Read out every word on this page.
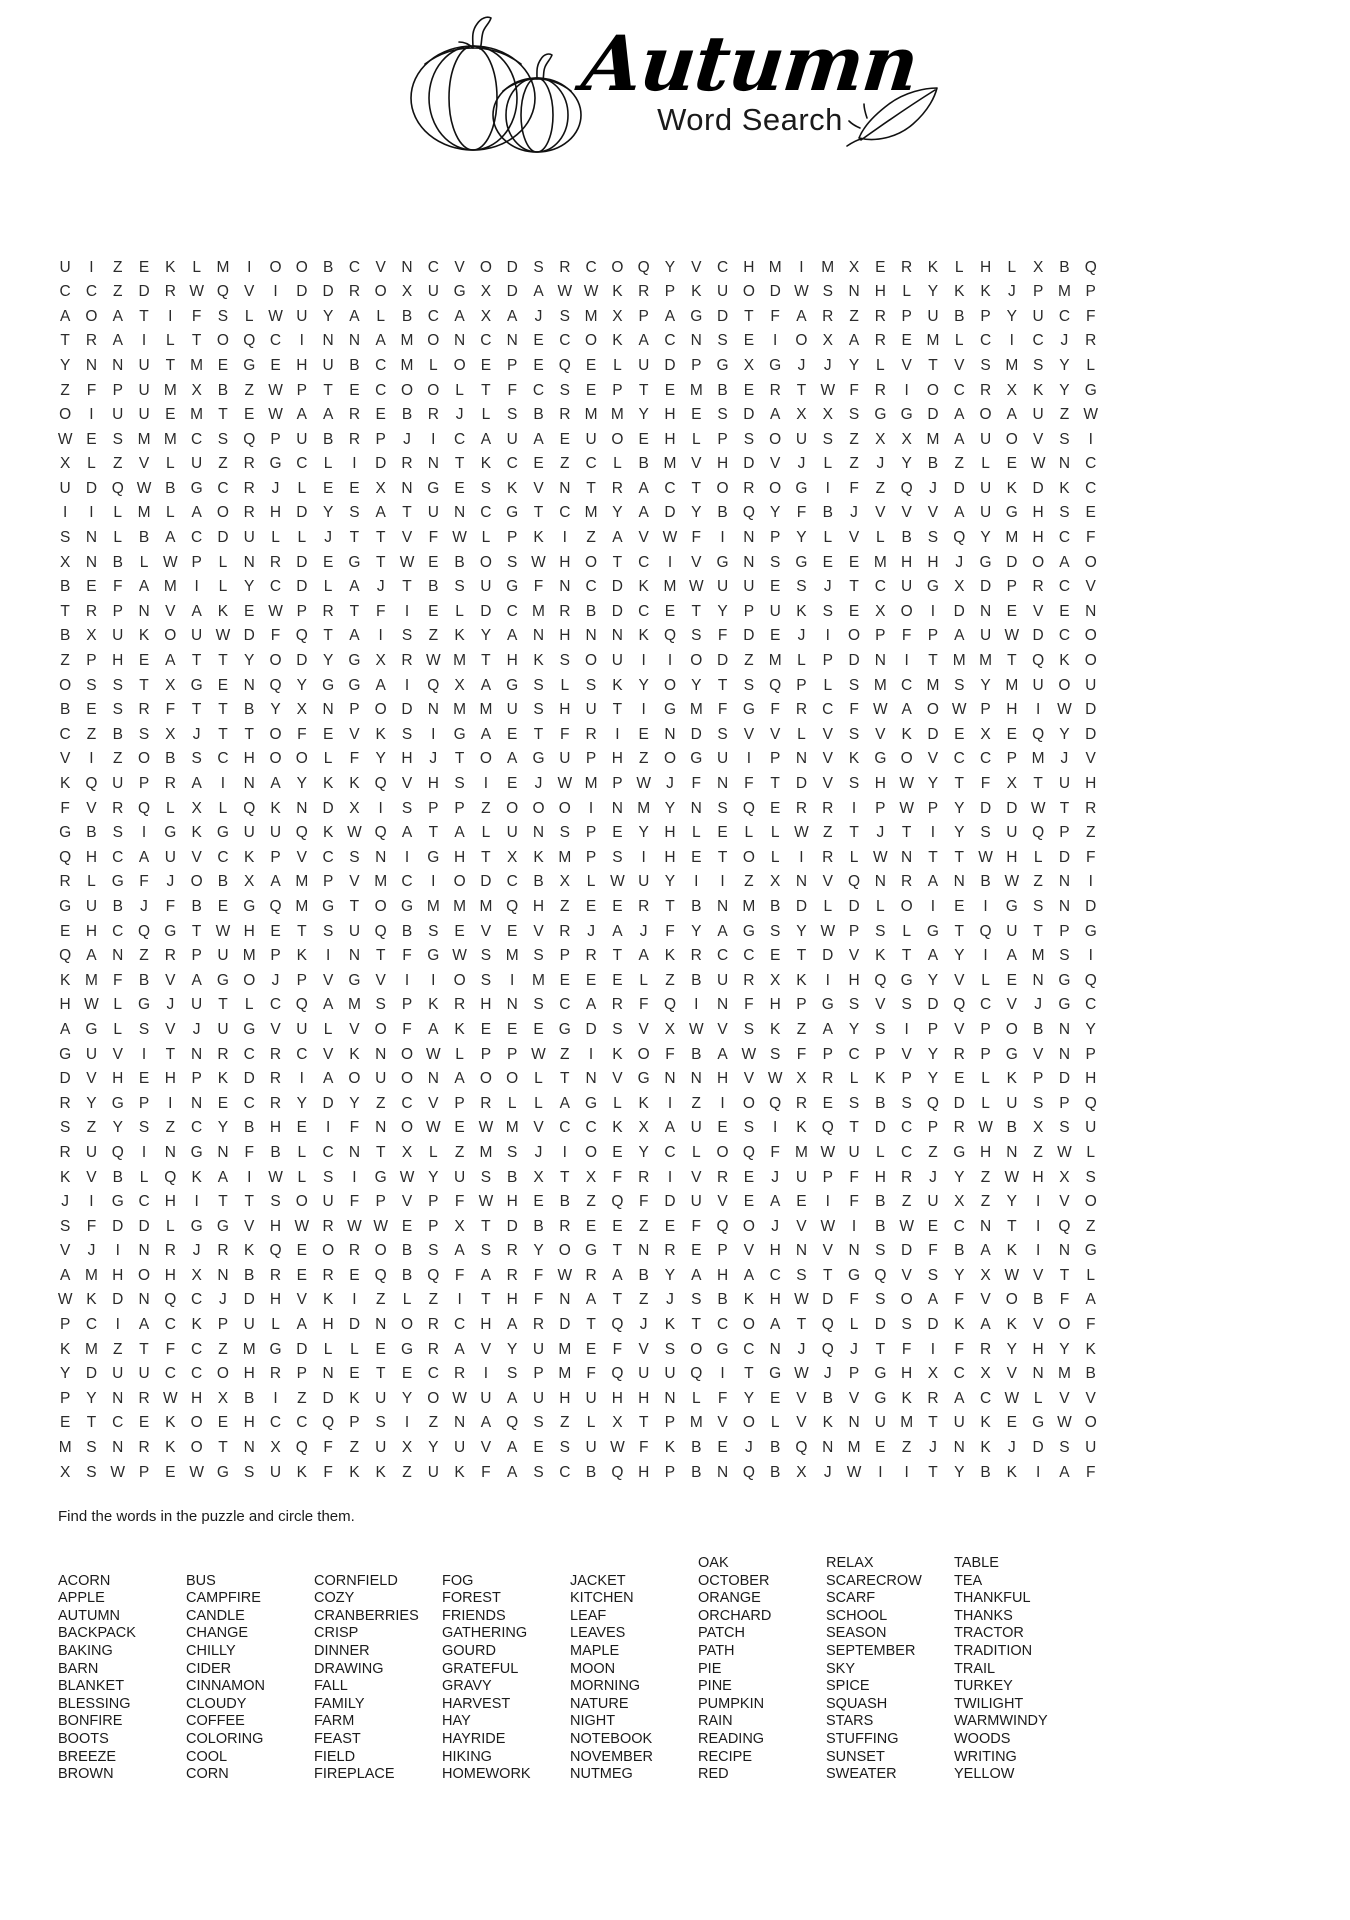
Autumn
Word Search
U	I	Z	E	K	L	M	I	O O B	C	V	N C	V O D	S	R C O Q Y	V	C H M	I	M X	E	R	K	L	H	L	X	B Q
C C	Z	D R W Q V	I	D D R O X	U G X	D	A W W K	R	P	K	U O D W S	N H	L	Y	K	K	J	P M P
A O A	T	I	F	S	L W U	Y	A	L	B	C	A	X	A	J	S M X	P	A G D	T	F	A	R	Z	R	P	U	B	P	Y	U C	F
T	R	A	I	L	T	O Q C	I	N N	A M O N C N	E	C O K	A	C N	S	E	I	O X	A	R	E M	L	C	I	C	J	R
Y	N N U	T M E G E	H U	B	C M	L	O E	P	E Q E	L	U D	P G X G	J	J	Y	L	V	T	V	S M S	Y	L
Z	F	P	U M X	B	Z W P	T	E	C O O	L	T	F	C	S	E	P	T	E M B	E	R	T W F	R	I	O C R	X	K	Y G
O	I	U U	E M T	E W A	A	R	E	B	R	J	L	S	B	R M M Y	H	E	S	D	A	X	X	S G G D	A O A	U	Z W
W E	S M M C	S Q P	U	B	R	P	J	I	C	A	U	A	E	U O E	H	L	P	S O U	S	Z	X	X M A	U O V	S	I
X	L	Z	V	L	U	Z	R G C	L	I	D R N	T	K	C	E	Z	C	L	B M V	H D	V	J	L	Z	J	Y	B	Z	L	E W N C
U D Q W B G C R	J	L	E	E	X	N G E	S	K	V	N	T	R	A	C	T	O R O G	I	F	Z	Q	J	D U	K	D	K	C
I	I	L	M	L	A O R H D	Y	S	A	T	U N C G	T	C M Y	A	D	Y	B Q Y	F	B	J	V	V	V	A	U G H	S	E
S	N	L	B	A	C D U	L	L	J	T	T	V	F W L	P	K	I	Z	A	V W F	I	N	P	Y	L	V	L	B	S Q Y M H C	F
X	N	B	L W P	L	N R D	E G	T W E	B O S W H O	T	C	I	V G N	S G E	E M H H	J	G D O A O
B	E	F	A M	I	L	Y	C D	L	A	J	T	B	S	U G	F	N C D	K M W U U	E	S	J	T	C U G X	D	P	R C	V
T	R	P	N	V	A	K	E W P	R	T	F	I	E	L	D C M R	B	D C	E	T	Y	P	U	K	S	E	X O	I	D N	E	V	E	N
B	X	U	K O U W D	F	Q	T	A	I	S	Z	K	Y	A	N H N N	K Q S	F	D	E	J	I	O P	F	P	A	U W D C O
Z	P	H	E	A	T	T	Y O D	Y G X	R W M T	H	K	S O U	I	I	O D	Z M	L	P	D N	I	T M M T	Q K O
O S	S	T	X G E	N Q Y G G A	I	Q X	A G S	L	S	K	Y O Y	T	S Q P	L	S M C M S	Y M U O U
B	E	S	R	F	T	T	B	Y	X	N	P O D N M M U	S	H U	T	I	G M F	G	F	R C	F W A O W P	H	I	W D
C	Z	B	S	X	J	T	T	O	F	E	V	K	S	I	G A	E	T	F	R	I	E	N D	S	V	V	L	V	S	V	K	D	E	X	E Q Y	D
V	I	Z	O B	S	C H O O	L	F	Y	H	J	T	O A G U	P	H	Z	O G U	I	P	N	V	K G O V	C C	P M	J	V
K Q U	P	R	A	I	N	A	Y	K	K Q V	H	S	I	E	J W M P W J	F	N	F	T	D	V	S	H W Y	T	F	X	T	U H
F	V	R Q	L	X	L	Q K	N D	X	I	S	P	P	Z	O O O	I	N M Y	N	S Q E	R R	I	P W P	Y	D D W T	R
G B	S	I	G K G U U Q K W Q A	T	A	L	U N	S	P	E	Y	H	L	E	L	L W Z	T	J	T	I	Y	S	U Q P	Z
Q H C	A	U	V	C	K	P	V	C	S	N	I	G H	T	X	K M P	S	I	H	E	T	O	L	I	R	L W N	T	T W H	L	D	F
R	L	G	F	J	O B	X	A M P	V M C	I	O D C	B	X	L W U	Y	I	I	Z	X	N	V Q N R	A	N	B W Z	N	I
G U	B	J	F	B	E G Q M G	T	O G M M M Q H	Z	E	E	R	T	B	N M B	D	L	D	L	O	I	E	I	G S	N D
E	H C Q G	T W H	E	T	S	U Q B	S	E	V	E	V	R	J	A	J	F	Y	A G S	Y W P	S	L	G	T	Q U	T	P G
Q A	N	Z	R	P	U M P	K	I	N	T	F	G W S M S	P	R	T	A	K	R C C	E	T	D	V	K	T	A	Y	I	A M S	I
K M F	B	V	A G O	J	P	V G V	I	I	O S	I	M E	E	E	L	Z	B	U R	X	K	I	H Q G Y	V	L	E	N G Q
H W L	G	J	U	T	L	C Q A M S	P	K	R H N	S	C	A	R	F	Q	I	N	F	H	P G S	V	S	D Q C	V	J	G C
A G	L	S	V	J	U G V	U	L	V O	F	A	K	E	E	E G D	S	V	X W V	S	K	Z	A	Y	S	I	P	V	P O B	N	Y
G U	V	I	T	N R C R C	V	K	N O W L	P	P W Z	I	K O	F	B	A W S	F	P	C	P	V	Y	R	P G V	N	P
D	V	H	E	H	P	K	D R	I	A O U O N	A O O	L	T	N	V G N N H	V W X	R	L	K	P	Y	E	L	K	P	D H
R	Y G P	I	N	E	C R	Y	D	Y	Z	C	V	P	R	L	L	A G	L	K	I	Z	I	O Q R	E	S	B	S Q D	L	U	S	P Q
S	Z	Y	S	Z	C	Y	B	H	E	I	F	N O W E W M V	C C	K	X	A	U	E	S	I	K Q	T	D C	P	R W B	X	S	U
R U Q	I	N G N	F	B	L	C N	T	X	L	Z M S	J	I	O E	Y	C	L	O Q	F M W U	L	C	Z	G H N	Z W L
K	V	B	L	Q K	A	I	W L	S	I	G W Y	U	S	B	X	T	X	F	R	I	V	R	E	J	U	P	F	H R	J	Y	Z W H	X	S
J	I	G C H	I	T	T	S O U	F	P	V	P	F W H	E	B	Z	Q	F	D U	V	E	A	E	I	F	B	Z	U	X	Z	Y	I	V O
S	F	D D	L	G G V	H W R W W E	P	X	T	D	B	R	E	E	Z	E	F	Q O	J	V W	I	B W E	C N	T	I	Q	Z
V	J	I	N R	J	R	K Q E O R O B	S	A	S	R	Y O G	T	N R	E	P	V	H N	V	N	S	D	F	B	A	K	I	N G
A M H O H	X	N	B	R	E	R	E Q B Q	F	A	R	F W R	A	B	Y	A	H	A	C	S	T	G Q V	S	Y	X W V	T	L
W K	D N Q C	J	D H	V	K	I	Z	L	Z	I	T	H	F	N	A	T	Z	J	S	B	K	H W D	F	S O A	F	V O B	F	A
P	C	I	A	C	K	P	U	L	A	H D N O R C H	A	R D	T	Q	J	K	T	C O A	T	Q	L	D	S	D	K	A	K	V O	F
K M Z	T	F	C	Z M G D	L	L	E G R	A	V	Y	U M E	F	V	S O G C N	J	Q	J	T	F	I	F	R	Y	H	Y	K
Y	D U U C C O H R	P	N	E	T	E	C R	I	S	P M F	Q U U Q	I	T	G W J	P G H	X	C	X	V	N M B
P	Y	N R W H	X	B	I	Z	D	K	U	Y O W U	A	U H U H H N	L	F	Y	E	V	B	V G K	R	A	C W L	V	V
E	T	C	E	K O E	H C C Q P	S	I	Z	N	A Q S	Z	L	X	T	P M V O	L	V	K	N U M T	U	K	E G W O
M S	N R	K O	T	N	X Q	F	Z	U	X	Y	U	V	A	E	S	U W F	K	B	E	J	B Q N M E	Z	J	N	K	J	D	S	U
X	S W P	E W G S	U	K	F	K	K	Z	U	K	F	A	S	C	B Q H	P	B	N Q B	X	J W	I	I	T	Y	B	K	I	A	F
Find the words in the puzzle and circle them.
ACORN
APPLE
AUTUMN
BACKPACK
BAKING
BARN
BLANKET
BLESSING
BONFIRE
BOOTS
BREEZE
BROWN
BUS
CAMPFIRE
CANDLE
CHANGE
CHILLY
CIDER
CINNAMON
CLOUDY
COFFEE
COLORING
COOL
CORN
CORNFIELD
COZY
CRANBERRIES
CRISP
DINNER
DRAWING
FALL
FAMILY
FARM
FEAST
FIELD
FIREPLACE
FOG
FOREST
FRIENDS
GATHERING
GOURD
GRATEFUL
GRAVY
HARVEST
HAY
HAYRIDE
HIKING
HOMEWORK
JACKET
KITCHEN
LEAF
LEAVES
MAPLE
MOON
MORNING
NATURE
NIGHT
NOTEBOOK
NOVEMBER
NUTMEG
OAK
OCTOBER
ORANGE
ORCHARD
PATCH
PATH
PIE
PINE
PUMPKIN
RAIN
READING
RECIPE
RED
RELAX
SCARECROW
SCARF
SCHOOL
SEASON
SEPTEMBER
SKY
SPICE
SQUASH
STARS
STUFFING
SUNSET
SWEATER
TABLE
TEA
THANKFUL
THANKS
TRACTOR
TRADITION
TRAIL
TURKEY
TWILIGHT
WARMWINDY
WOODS
WRITING
YELLOW
